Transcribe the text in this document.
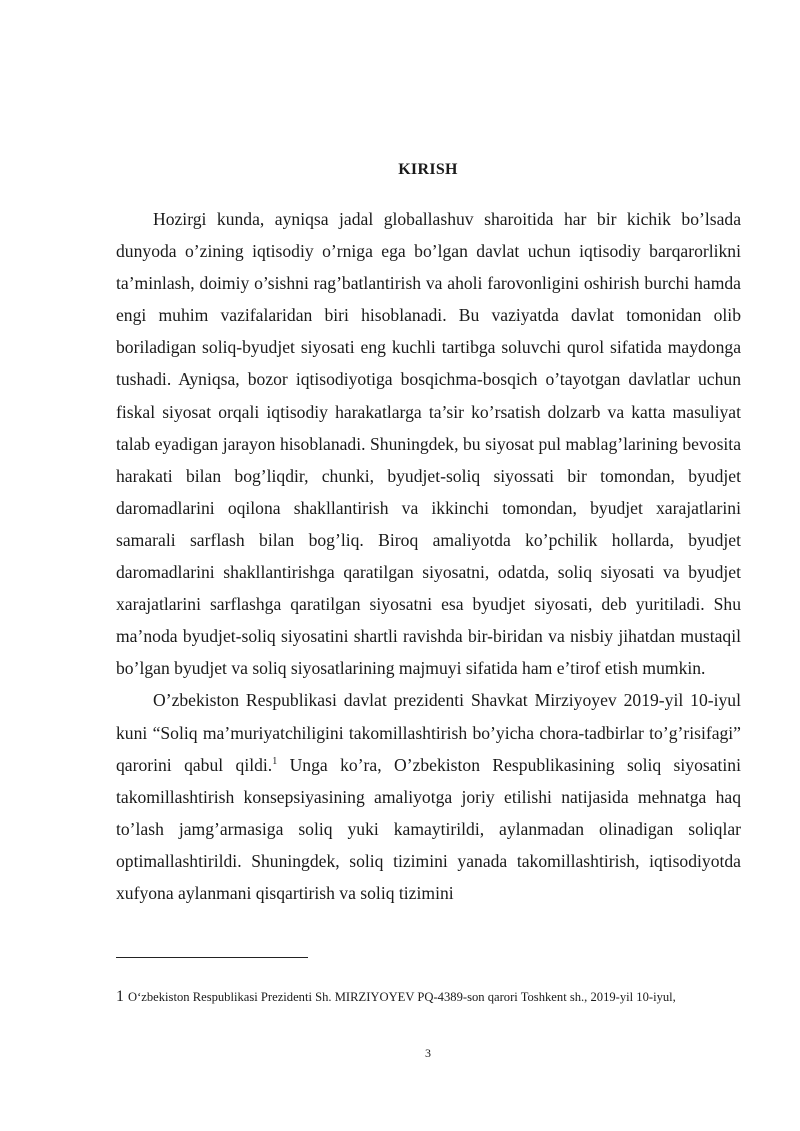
KIRISH

Hozirgi kunda, ayniqsa jadal globallashuv sharoitida har bir kichik bo’lsada dunyoda o’zining iqtisodiy o’rniga ega bo’lgan davlat uchun iqtisodiy barqarorlikni ta’minlash, doimiy o’sishni rag’batlantirish va aholi farovonligini oshirish burchi hamda engi muhim vazifalaridan biri hisoblanadi. Bu vaziyatda davlat tomonidan olib boriladigan soliq-byudjet siyosati eng kuchli tartibga soluvchi qurol sifatida maydonga tushadi. Ayniqsa, bozor iqtisodiyotiga bosqichma-bosqich o’tayotgan davlatlar uchun fiskal siyosat orqali iqtisodiy harakatlarga ta’sir ko’rsatish dolzarb va katta masuliyat talab eyadigan jarayon hisoblanadi. Shuningdek, bu siyosat pul mablag’larining bevosita harakati bilan bog’liqdir, chunki, byudjet-soliq siyossati bir tomondan, byudjet daromadlarini oqilona shakllantirish va ikkinchi tomondan, byudjet xarajatlarini samarali sarflash bilan bog’liq. Biroq amaliyotda ko’pchilik hollarda, byudjet daromadlarini shakllantirishga qaratilgan siyosatni, odatda, soliq siyosati va byudjet xarajatlarini sarflashga qaratilgan siyosatni esa byudjet siyosati, deb yuritiladi. Shu ma’noda byudjet-soliq siyosatini shartli ravishda bir-biridan va nisbiy jihatdan mustaqil bo’lgan byudjet va soliq siyosatlarining majmuyi sifatida ham e’tirof etish mumkin.

O’zbekiston Respublikasi davlat prezidenti Shavkat Mirziyoyev 2019-yil 10-iyul kuni “Soliq ma’muriyatchiligini takomillashtirish bo’yicha chora-tadbirlar to’g’risifagi” qarorini qabul qildi.$^1$ Unga ko’ra, O’zbekiston Respublikasining soliq siyosatini takomillashtirish konsepsiyasining amaliyotga joriy etilishi natijasida mehnatga haq to’lash jamg’armasiga soliq yuki kamaytirildi, aylanmadan olinadigan soliqlar optimallashtirildi. Shuningdek, soliq tizimini yanada takomillashtirish, iqtisodiyotda xufyona aylanmani qisqartirish va soliq tizimini

1 O‘zbekiston Respublikasi Prezidenti Sh. MIRZIYOYEV PQ-4389-son qarori Toshkent sh., 2019-yil 10-iyul,
3
